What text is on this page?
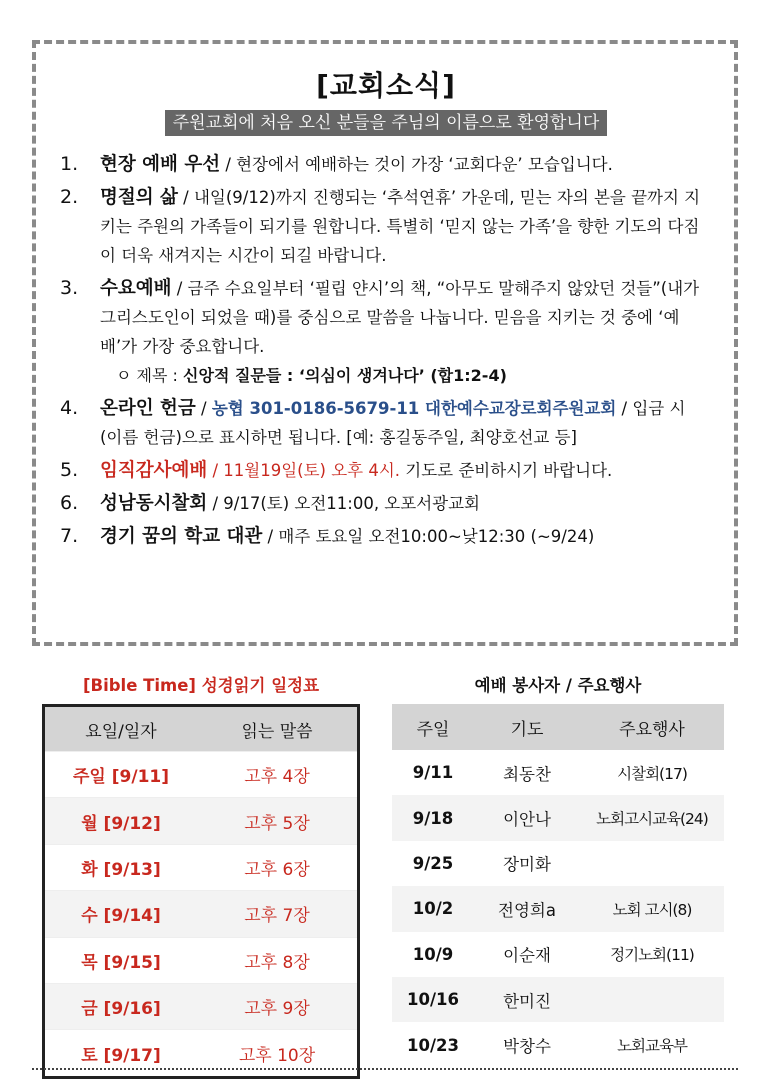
[교회소식]
주원교회에 처음 오신 분들을 주님의 이름으로 환영합니다
1. 현장 예배 우선 / 현장에서 예배하는 것이 가장 ‘교회다운’ 모습입니다.
2. 명절의 삶 / 내일(9/12)까지 진행되는 ‘추석연휴’ 가운데, 믿는 자의 본을 끝까지 지키는 주원의 가족들이 되기를 원합니다. 특별히 ‘믿지 않는 가족’을 향한 기도의 다짐이 더욱 새겨지는 시간이 되길 바랍니다.
3. 수요예배 / 금주 수요일부터 ‘필립 얀시’의 책, “아무도 말해주지 않았던 것들”(내가 그리스도인이 되었을 때)를 중심으로 말씀을 나눕니다. 믿음을 지키는 것 중에 ‘예배’가 가장 중요합니다.
ㅇ 제목 : 신앙적 질문들 : ‘의심이 생겨나다’ (합1:2-4)
4. 온라인 헌금 / 농협 301-0186-5679-11 대한예수교장로회주원교회 / 입금 시 (이름 헌금)으로 표시하면 됩니다. [예: 홍길동주일, 최양호선교 등]
5. 임직감사예배 / 11월19일(토) 오후 4시. 기도로 준비하시기 바랍니다.
6. 성남동시찰회 / 9/17(토) 오전11:00, 오포서광교회
7. 경기 꿈의 학교 대관 / 매주 토요일 오전10:00~낮12:30 (~9/24)
[Bible Time] 성경읽기 일정표
요일/일자	읽는 말씀
주일 [9/11]	고후 4장
월 [9/12]	고후 5장
화 [9/13]	고후 6장
수 [9/14]	고후 7장
목 [9/15]	고후 8장
금 [9/16]	고후 9장
토 [9/17]	고후 10장
예배 봉사자 / 주요행사
주일	기도	주요행사
9/11	최동찬	시찰회(17)
9/18	이안나	노회고시교육(24)
9/25	장미화	
10/2	전영희a	노회 고시(8)
10/9	이순재	정기노회(11)
10/16	한미진	
10/23	박창수	노회교육부
